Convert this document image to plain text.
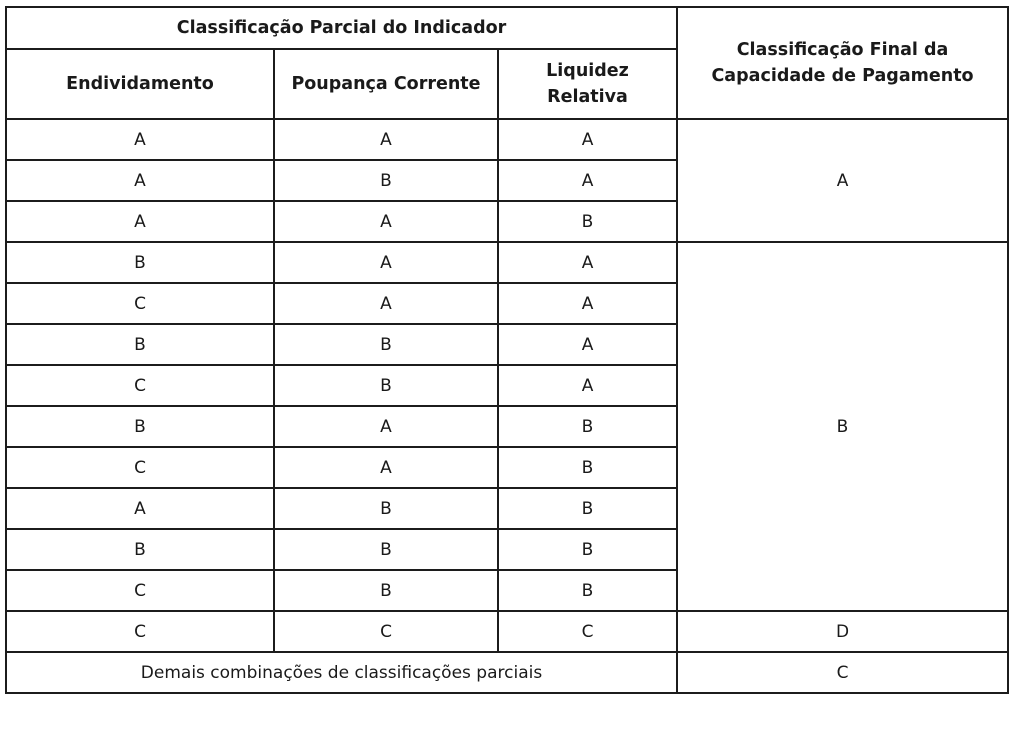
Classificação Parcial do Indicador			Classificação Final da Capacidade de Pagamento

Endividamento	Poupança Corrente	Liquidez Relativa	

A	A	A	A
A	B	A	
A	A	B	
B	A	A	B
C	A	A	
B	B	A	
C	B	A	
B	A	B	
C	A	B	
A	B	B	
B	B	B	
C	B	B	
C	C	C	D
Demais combinações de classificações parciais			C
